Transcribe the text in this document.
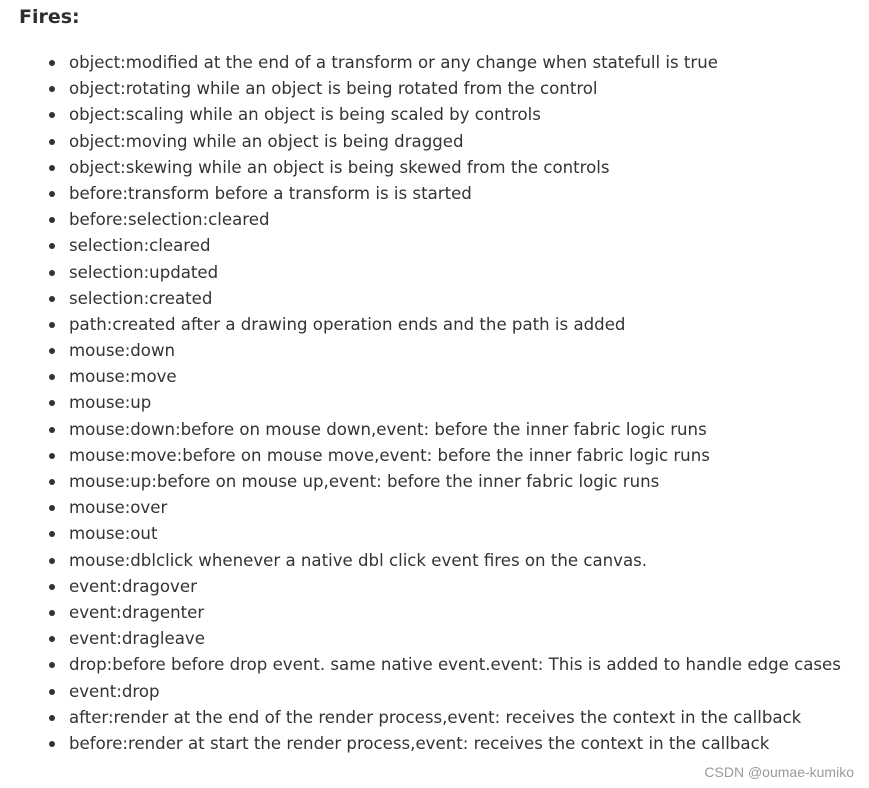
Fires:
object:modified at the end of a transform or any change when statefull is true
object:rotating while an object is being rotated from the control
object:scaling while an object is being scaled by controls
object:moving while an object is being dragged
object:skewing while an object is being skewed from the controls
before:transform before a transform is is started
before:selection:cleared
selection:cleared
selection:updated
selection:created
path:created after a drawing operation ends and the path is added
mouse:down
mouse:move
mouse:up
mouse:down:before on mouse down,event: before the inner fabric logic runs
mouse:move:before on mouse move,event: before the inner fabric logic runs
mouse:up:before on mouse up,event: before the inner fabric logic runs
mouse:over
mouse:out
mouse:dblclick whenever a native dbl click event fires on the canvas.
event:dragover
event:dragenter
event:dragleave
drop:before before drop event. same native event.event: This is added to handle edge cases
event:drop
after:render at the end of the render process,event: receives the context in the callback
before:render at start the render process,event: receives the context in the callback
CSDN @oumae-kumiko
